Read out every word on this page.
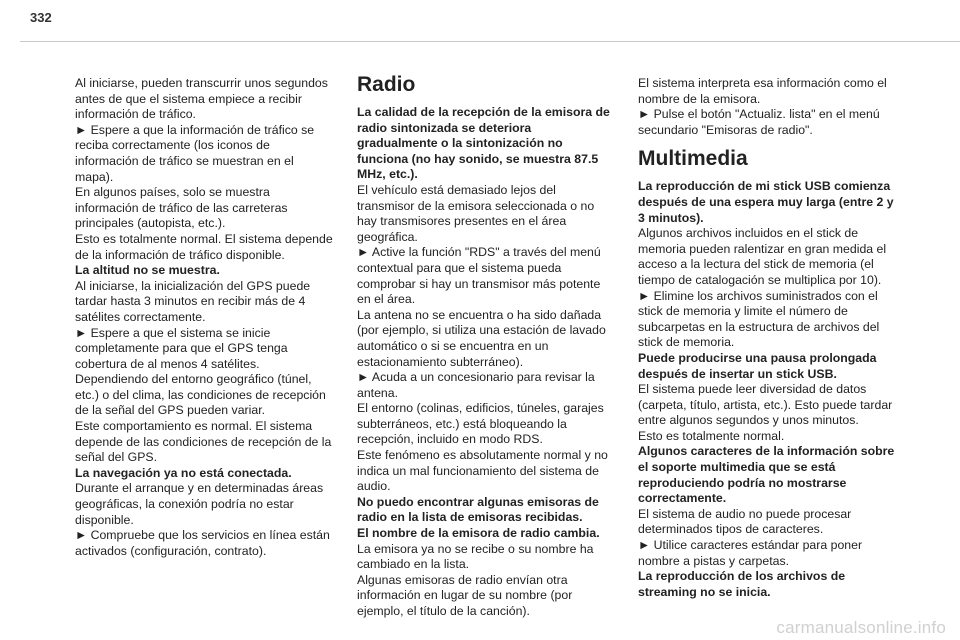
332

Al iniciarse, pueden transcurrir unos segundos antes de que el sistema empiece a recibir información de tráfico.

► Espere a que la información de tráfico se reciba correctamente (los iconos de información de tráfico se muestran en el mapa).

En algunos países, solo se muestra información de tráfico de las carreteras principales (autopista, etc.).

Esto es totalmente normal. El sistema depende de la información de tráfico disponible.

La altitud no se muestra.

Al iniciarse, la inicialización del GPS puede tardar hasta 3 minutos en recibir más de 4 satélites correctamente.

► Espere a que el sistema se inicie completamente para que el GPS tenga cobertura de al menos 4 satélites.

Dependiendo del entorno geográfico (túnel, etc.) o del clima, las condiciones de recepción de la señal del GPS pueden variar.

Este comportamiento es normal. El sistema depende de las condiciones de recepción de la señal del GPS.

La navegación ya no está conectada.

Durante el arranque y en determinadas áreas geográficas, la conexión podría no estar disponible.

► Compruebe que los servicios en línea están activados (configuración, contrato).

Radio

La calidad de la recepción de la emisora de radio sintonizada se deteriora gradualmente o la sintonización no funciona (no hay sonido, se muestra 87.5 MHz, etc.).

El vehículo está demasiado lejos del transmisor de la emisora seleccionada o no hay transmisores presentes en el área geográfica.

► Active la función "RDS" a través del menú contextual para que el sistema pueda comprobar si hay un transmisor más potente en el área.

La antena no se encuentra o ha sido dañada (por ejemplo, si utiliza una estación de lavado automático o si se encuentra en un estacionamiento subterráneo).

► Acuda a un concesionario para revisar la antena.

El entorno (colinas, edificios, túneles, garajes subterráneos, etc.) está bloqueando la recepción, incluido en modo RDS.

Este fenómeno es absolutamente normal y no indica un mal funcionamiento del sistema de audio.

No puedo encontrar algunas emisoras de radio en la lista de emisoras recibidas.

El nombre de la emisora de radio cambia.

La emisora ya no se recibe o su nombre ha cambiado en la lista.

Algunas emisoras de radio envían otra información en lugar de su nombre (por ejemplo, el título de la canción).

El sistema interpreta esa información como el nombre de la emisora.

► Pulse el botón "Actualiz. lista" en el menú secundario "Emisoras de radio".

Multimedia

La reproducción de mi stick USB comienza después de una espera muy larga (entre 2 y 3 minutos).

Algunos archivos incluidos en el stick de memoria pueden ralentizar en gran medida el acceso a la lectura del stick de memoria (el tiempo de catalogación se multiplica por 10).

► Elimine los archivos suministrados con el stick de memoria y limite el número de subcarpetas en la estructura de archivos del stick de memoria.

Puede producirse una pausa prolongada después de insertar un stick USB.

El sistema puede leer diversidad de datos (carpeta, título, artista, etc.). Esto puede tardar entre algunos segundos y unos minutos.

Esto es totalmente normal.

Algunos caracteres de la información sobre el soporte multimedia que se está reproduciendo podría no mostrarse correctamente.

El sistema de audio no puede procesar determinados tipos de caracteres.

► Utilice caracteres estándar para poner nombre a pistas y carpetas.

La reproducción de los archivos de streaming no se inicia.

carmanualsonline.info
